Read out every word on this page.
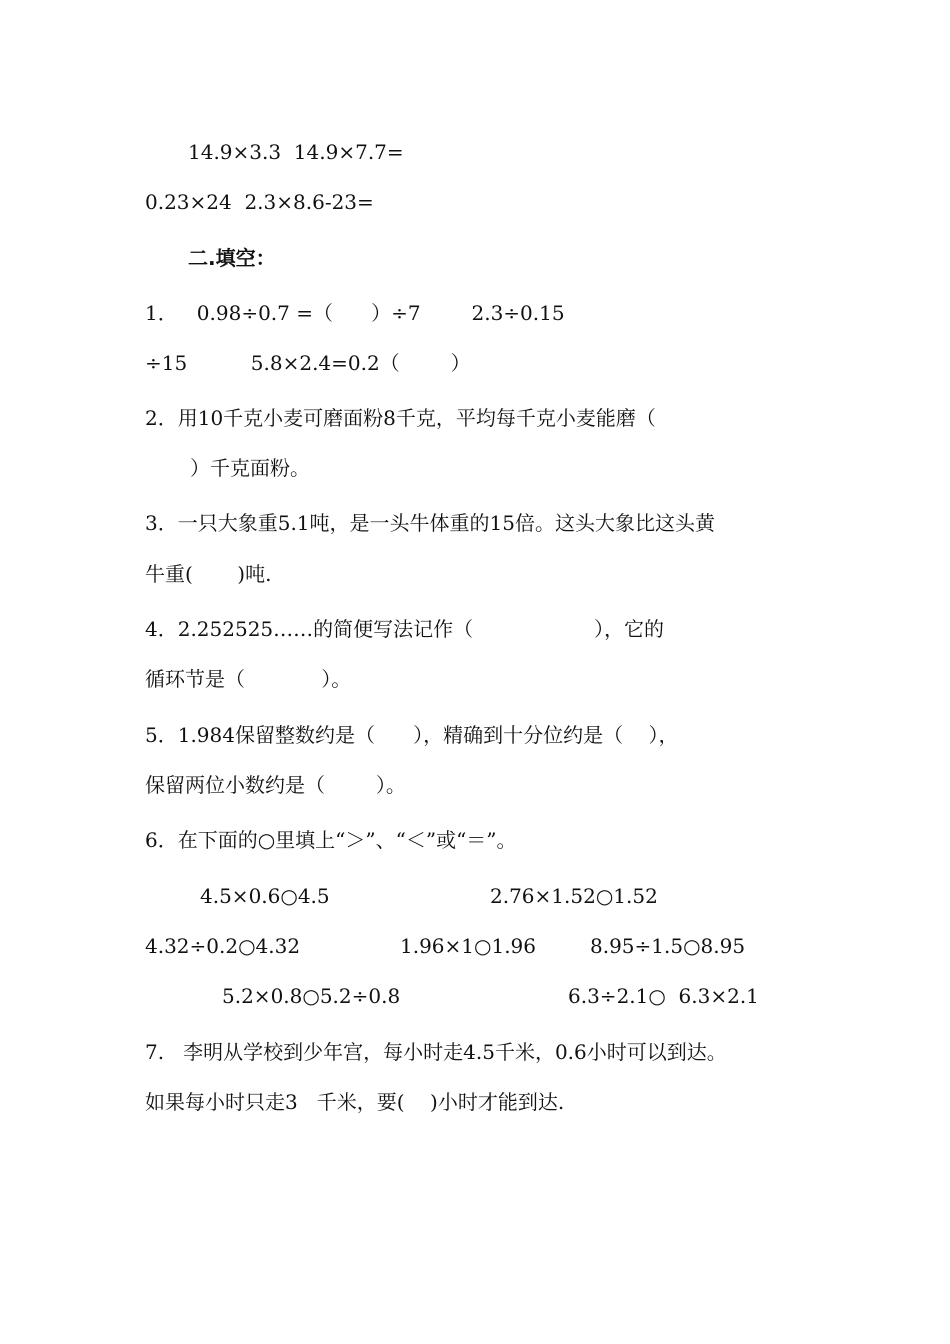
14.9×3.3  14.9×7.7=
0.23×24  2.3×8.6-23=
二.填空：
1．   0.98÷0.7 =（      ）÷7        2.3÷0.15
÷15          5.8×2.4=0.2（        ）
2．用10千克小麦可磨面粉8千克，平均每千克小麦能磨（
）千克面粉。
3．一只大象重5.1吨，是一头牛体重的15倍。这头大象比这头黄
牛重(       )吨.
4．2.252525……的简便写法记作（                   ），它的
循环节是（            ）。
5．1.984保留整数约是（      ），精确到十分位约是（    ），
保留两位小数约是（        ）。
6．在下面的○里填上“＞”、“＜”或“＝”。
4.5×0.6○4.5	2.76×1.52○1.52
4.32÷0.2○4.32	1.96×1○1.96	8.95÷1.5○8.95
5.2×0.8○5.2÷0.8	6.3÷2.1○  6.3×2.1
7.   李明从学校到少年宫，每小时走4.5千米，0.6小时可以到达。
如果每小时只走3   千米，要(    )小时才能到达.
